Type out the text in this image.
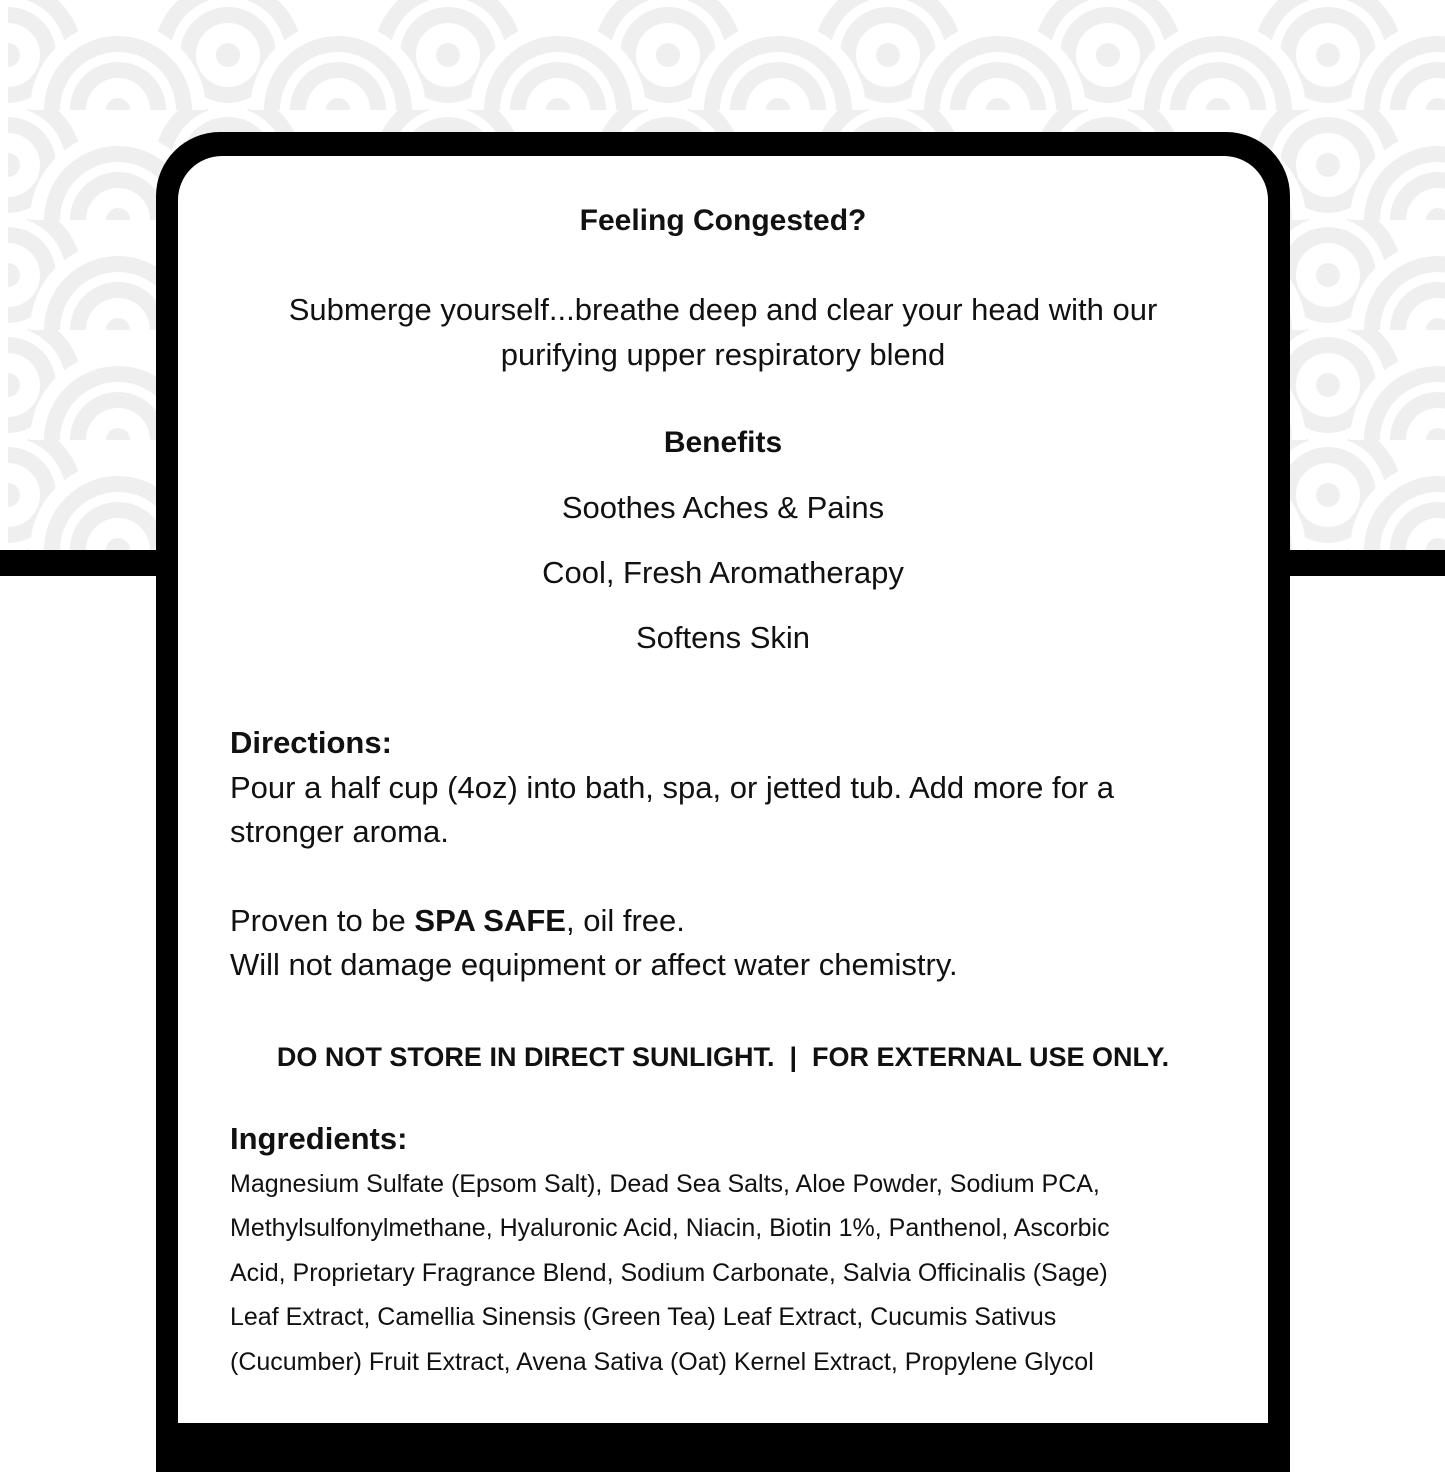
Feeling Congested?
Submerge yourself...breathe deep and clear your head with our
purifying upper respiratory blend
Benefits
Soothes Aches & Pains
Cool, Fresh Aromatherapy
Softens Skin
Directions:
Pour a half cup (4oz) into bath, spa, or jetted tub. Add more for a
stronger aroma.
Proven to be SPA SAFE, oil free.
Will not damage equipment or affect water chemistry.
DO NOT STORE IN DIRECT SUNLIGHT.  |  FOR EXTERNAL USE ONLY.
Ingredients:
Magnesium Sulfate (Epsom Salt), Dead Sea Salts, Aloe Powder, Sodium PCA,
Methylsulfonylmethane, Hyaluronic Acid, Niacin, Biotin 1%, Panthenol, Ascorbic
Acid, Proprietary Fragrance Blend, Sodium Carbonate, Salvia Officinalis (Sage)
Leaf Extract, Camellia Sinensis (Green Tea) Leaf Extract, Cucumis Sativus
(Cucumber) Fruit Extract, Avena Sativa (Oat) Kernel Extract, Propylene Glycol
